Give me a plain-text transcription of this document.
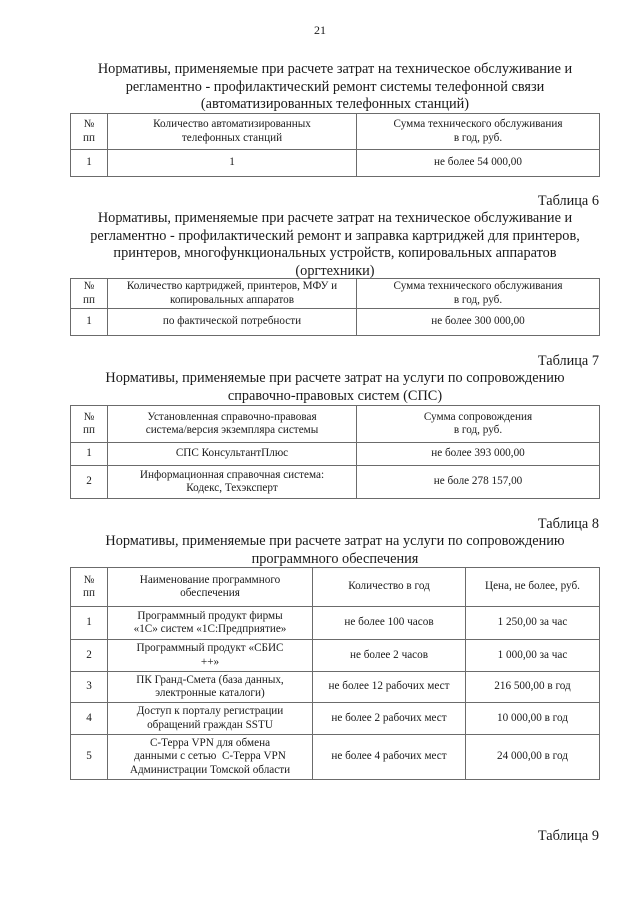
21
Нормативы, применяемые при расчете затрат на техническое обслуживание и
регламентно - профилактический ремонт системы телефонной связи
(автоматизированных телефонных станций)
№
пп

Количество автоматизированных
телефонных станций

Сумма технического обслуживания
в год, руб.

1	1	не более 54 000,00
Таблица 6
Нормативы, применяемые при расчете затрат на техническое обслуживание и
регламентно - профилактический ремонт и заправка картриджей для принтеров,
принтеров, многофункциональных устройств, копировальных аппаратов
(оргтехники)
№
пп

Количество картриджей, принтеров, МФУ и
копировальных аппаратов

Сумма технического обслуживания
в год, руб.

1	по фактической потребности	не более 300 000,00
Таблица 7
Нормативы, применяемые при расчете затрат на услуги по сопровождению
справочно-правовых систем (СПС)
№
пп

Установленная справочно-правовая
система/версия экземпляра системы

Сумма сопровождения
в год, руб.

1	СПС КонсультантПлюс	не более 393 000,00
2	Информационная справочная система:
Кодекс, Техэксперт	не боле 278 157,00
Таблица 8
Нормативы, применяемые при расчете затрат на услуги по сопровождению
программного обеспечения
№
пп

Наименование программного
обеспечения

Количество в год	Цена, не более, руб.

1	Программный продукт фирмы
«1С» систем «1С:Предприятие»	не более 100 часов	1 250,00 за час
2	Программный продукт «СБИС
++»	не более 2 часов	1 000,00 за час
3	ПК Гранд-Смета (база данных,
электронные каталоги)	не более 12 рабочих мест	216 500,00 в год
4	Доступ к порталу регистрации
обращений граждан SSTU	не более 2 рабочих мест	10 000,00 в год
5	С-Терра VPN для обмена
данными с сетью  С-Терра VPN
Администрации Томской области	не более 4 рабочих мест	24 000,00 в год
Таблица 9
